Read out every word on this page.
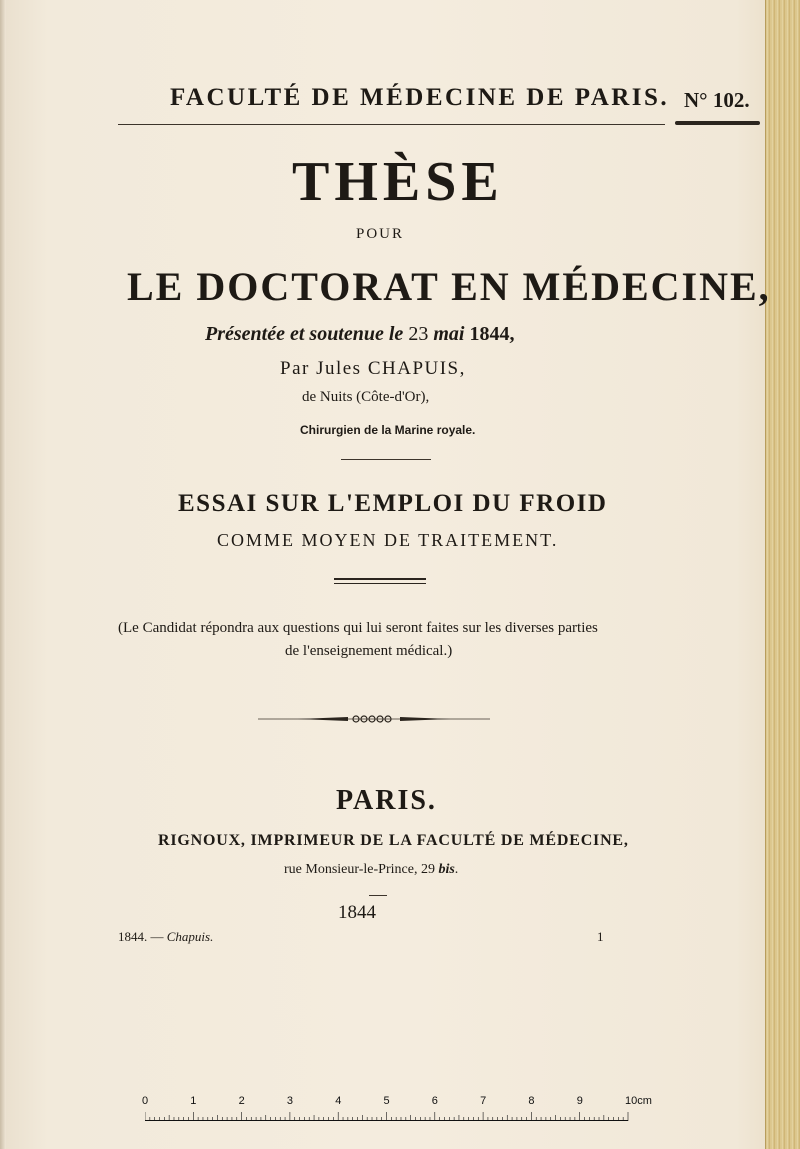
FACULTÉ DE MÉDECINE DE PARIS. N° 102.
THÈSE
POUR
LE DOCTORAT EN MÉDECINE,
Présentée et soutenue le 23 mai 1844,
Par Jules CHAPUIS,
de Nuits (Côte-d'Or),
Chirurgien de la Marine royale.
ESSAI SUR L'EMPLOI DU FROID
COMME MOYEN DE TRAITEMENT.
(Le Candidat répondra aux questions qui lui seront faites sur les diverses parties
de l'enseignement médical.)
PARIS.
RIGNOUX, IMPRIMEUR DE LA FACULTÉ DE MÉDECINE,
rue Monsieur-le-Prince, 29 bis.
1844
1844. — Chapuis.	1
0	1	2	3	4	5	6	7	8	9	10cm
